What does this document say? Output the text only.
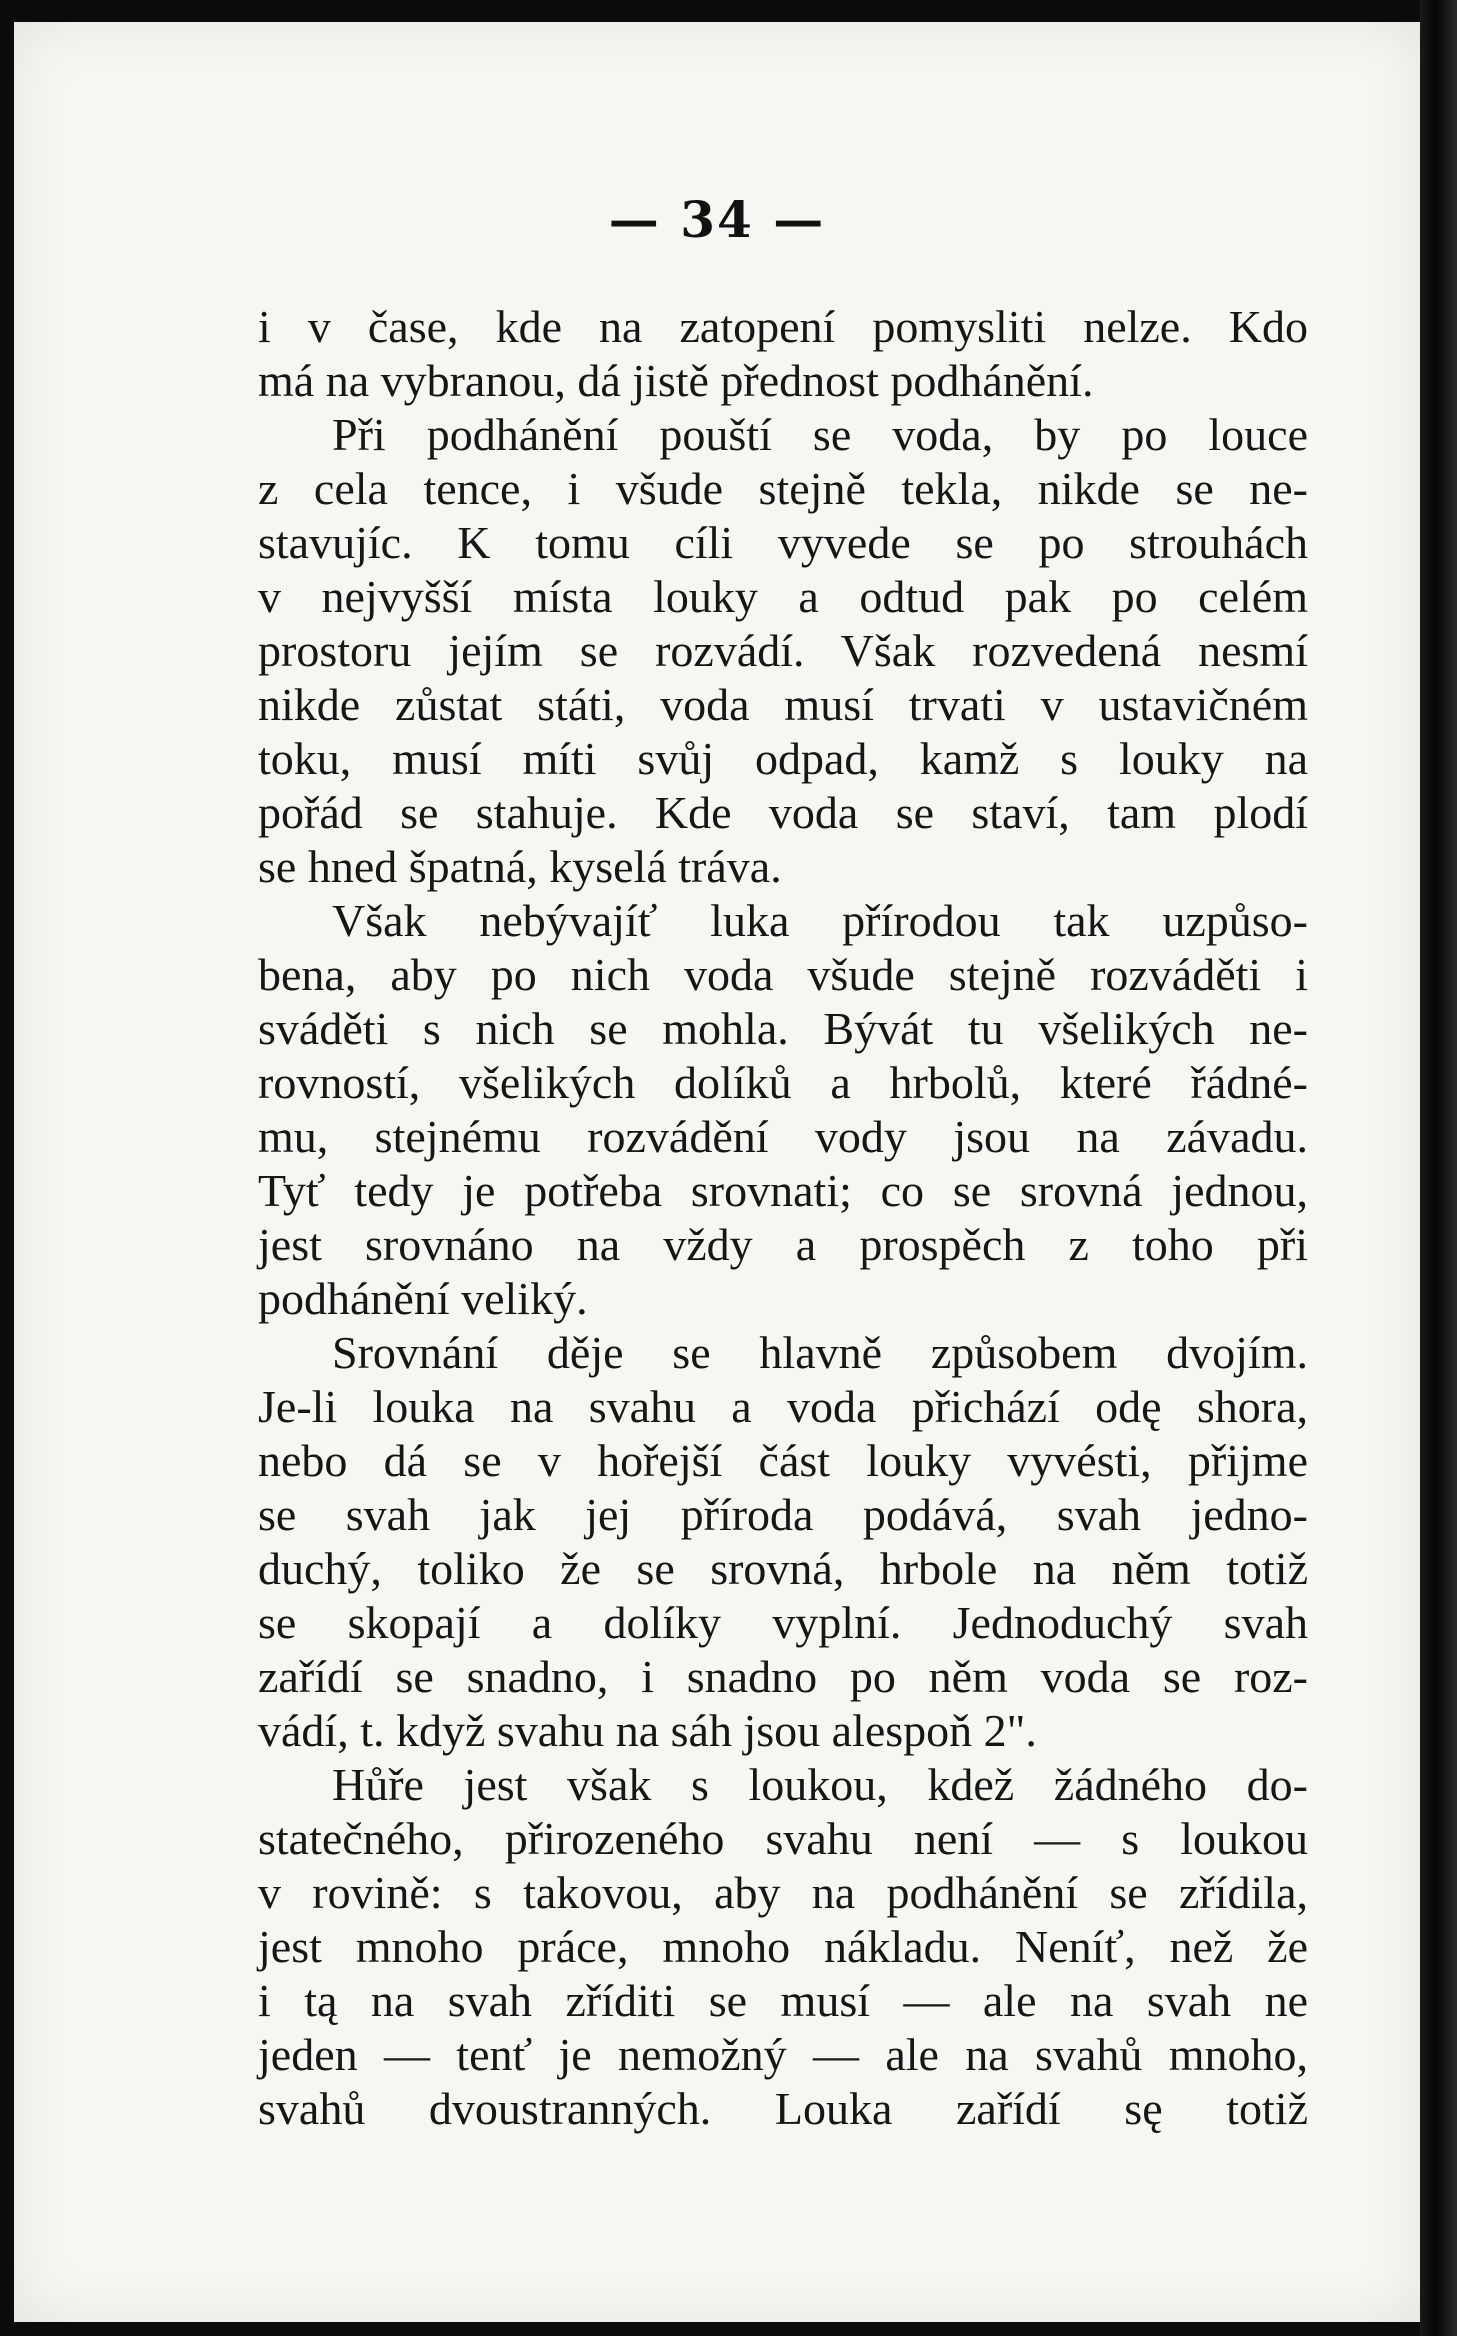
— 34 —
i v čase, kde na zatopení pomysliti nelze. Kdo
má na vybranou, dá jistě přednost podhánění.
Při podhánění pouští se voda, by po louce
z cela tence, i všude stejně tekla, nikde se ne-
stavujíc. K tomu cíli vyvede se po strouhách
v nejvyšší místa louky a odtud pak po celém
prostoru jejím se rozvádí. Však rozvedená nesmí
nikde zůstat státi, voda musí trvati v ustavičném
toku, musí míti svůj odpad, kamž s louky na
pořád se stahuje. Kde voda se staví, tam plodí
se hned špatná, kyselá tráva.
Však nebývajíť luka přírodou tak uzpůso-
bena, aby po nich voda všude stejně rozváděti i
sváděti s nich se mohla. Bývát tu všelikých ne-
rovností, všelikých dolíků a hrbolů, které řádné-
mu, stejnému rozvádění vody jsou na závadu.
Tyť tedy je potřeba srovnati; co se srovná jednou,
jest srovnáno na vždy a prospěch z toho při
podhánění veliký.
Srovnání děje se hlavně způsobem dvojím.
Je-li louka na svahu a voda přichází odę shora,
nebo dá se v hořejší část louky vyvésti, přijme
se svah jak jej příroda podává, svah jedno-
duchý, toliko že se srovná, hrbole na něm totiž
se skopají a dolíky vyplní. Jednoduchý svah
zařídí se snadno, i snadno po něm voda se roz-
vádí, t. když svahu na sáh jsou alespoň 2".
Hůře jest však s loukou, kdež žádného do-
statečného, přirozeného svahu není — s loukou
v rovině: s takovou, aby na podhánění se zřídila,
jest mnoho práce, mnoho nákladu. Neníť, než že
i tą na svah zříditi se musí — ale na svah ne
jeden — tenť je nemožný — ale na svahů mnoho,
svahů dvoustranných. Louka zařídí sę totiž
